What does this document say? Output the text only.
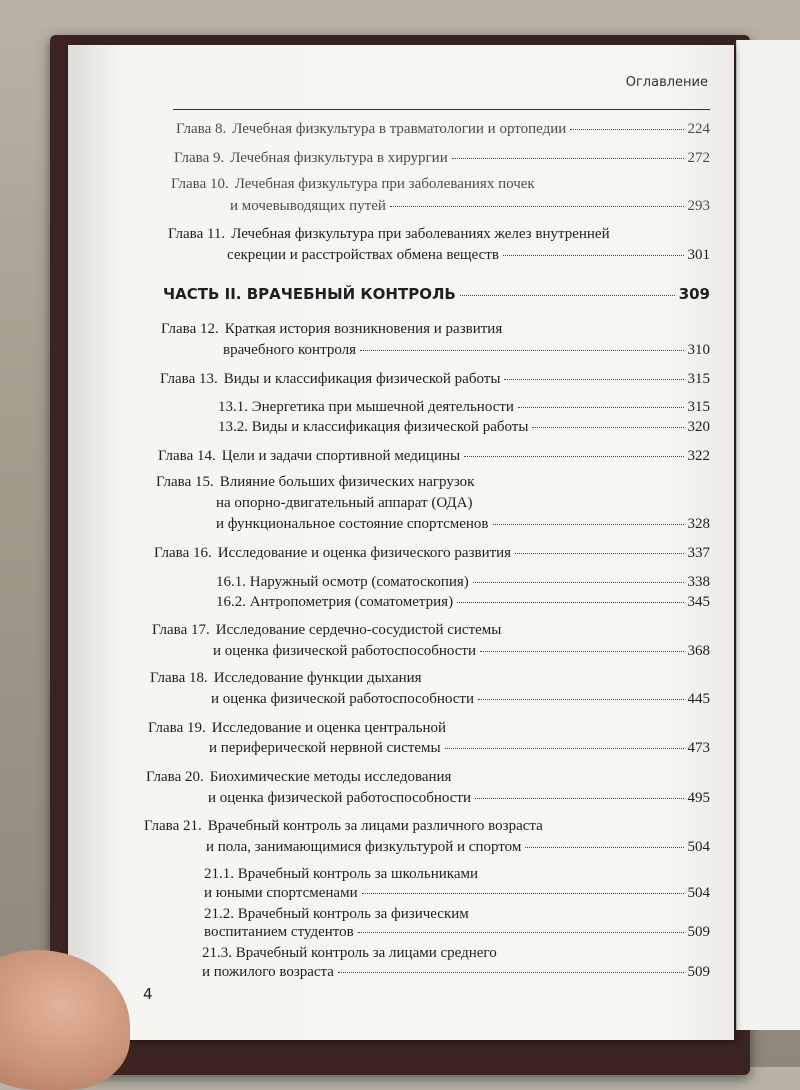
Оглавление
Глава 8. Лечебная физкультура в травматологии и ортопедии	224
Глава 9. Лечебная физкультура в хирургии	272
Глава 10. Лечебная физкультура при заболеваниях почек
и мочевыводящих путей	293
Глава 11. Лечебная физкультура при заболеваниях желез внутренней
секреции и расстройствах обмена веществ	301
ЧАСТЬ II. ВРАЧЕБНЫЙ КОНТРОЛЬ	309
Глава 12. Краткая история возникновения и развития
врачебного контроля	310
Глава 13. Виды и классификация физической работы	315
13.1. Энергетика при мышечной деятельности	315
13.2. Виды и классификация физической работы	320
Глава 14. Цели и задачи спортивной медицины	322
Глава 15. Влияние больших физических нагрузок
на опорно-двигательный аппарат (ОДА)
и функциональное состояние спортсменов	328
Глава 16. Исследование и оценка физического развития	337
16.1. Наружный осмотр (соматоскопия)	338
16.2. Антропометрия (соматометрия)	345
Глава 17. Исследование сердечно-сосудистой системы
и оценка физической работоспособности	368
Глава 18. Исследование функции дыхания
и оценка физической работоспособности	445
Глава 19. Исследование и оценка центральной
и периферической нервной системы	473
Глава 20. Биохимические методы исследования
и оценка физической работоспособности	495
Глава 21. Врачебный контроль за лицами различного возраста
и пола, занимающимися физкультурой и спортом	504
21.1. Врачебный контроль за школьниками
и юными спортсменами	504
21.2. Врачебный контроль за физическим
воспитанием студентов	509
21.3. Врачебный контроль за лицами среднего
и пожилого возраста	509
4
